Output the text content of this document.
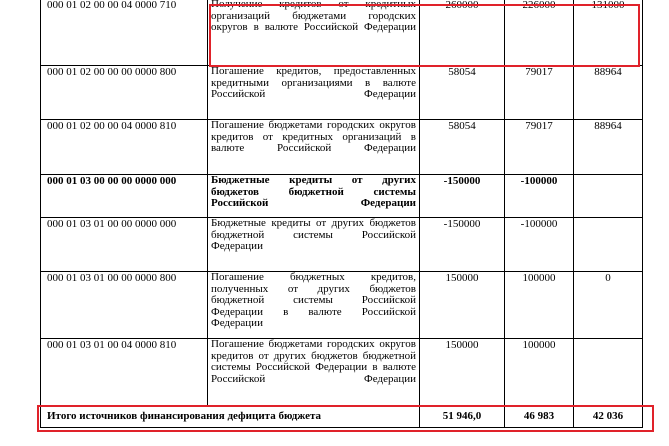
000 01 02 00 00 04 0000 710	Получение кредитов от кредитных организаций бюджетами городских округов в валюте Российской Федерации	260000	226000	131000
000 01 02 00 00 00 0000 800	Погашение кредитов, предоставленных кредитными организациями в валюте Российской Федерации	58054	79017	88964
000 01 02 00 00 04 0000 810	Погашение бюджетами городских округов кредитов от кредитных организаций в валюте Российской Федерации	58054	79017	88964
000 01 03 00 00 00 0000 000	Бюджетные кредиты от других бюджетов бюджетной системы Российской Федерации	-150000	-100000	
000 01 03 01 00 00 0000 000	Бюджетные кредиты от других бюджетов бюджетной системы Российской Федерации	-150000	-100000	
000 01 03 01 00 00 0000 800	Погашение бюджетных кредитов, полученных от других бюджетов бюджетной системы Российской Федерации в валюте Российской Федерации	150000	100000	0
000 01 03 01 00 04 0000 810	Погашение бюджетами городских округов кредитов от других бюджетов бюджетной системы Российской Федерации в валюте Российской Федерации	150000	100000	
Итого источников финансирования дефицита бюджета		51 946,0	46 983	42 036
